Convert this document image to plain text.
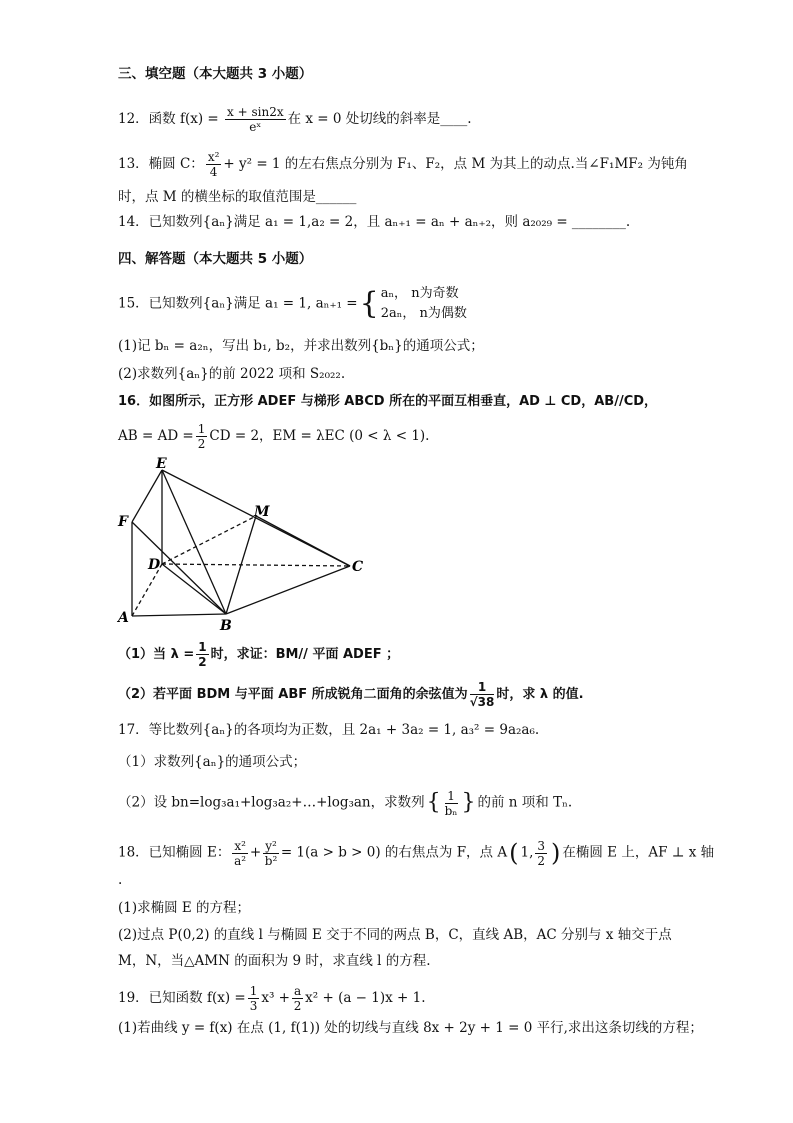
三、填空题（本大题共 3 小题）
12．函数 $f(x) = \frac{x + \sin 2x}{\text{eˣ}}$ 在 x = 0 处切线的斜率是____.
13．椭圆 C： $\frac{\text{x²}}{4} + y^2 = 1$ 的左右焦点分别为 F₁、F₂，点 M 为其上的动点.当∠F₁MF₂ 为钝角
时，点 M 的横坐标的取值范围是______
14．已知数列{aₙ}满足 a₁ = 1,a₂ = 2，且 aₙ₊₁ = aₙ + aₙ₊₂，则 a₂₀₂₉ = ________.
四、解答题（本大题共 5 小题）
15．已知数列{aₙ}满足 a₁ = 1, aₙ₊₁ ={ aₙ， n为奇数
2aₙ， n为偶数
(1)记 bₙ = a₂ₙ，写出 b₁, b₂，并求出数列{bₙ}的通项公式；
(2)求数列{aₙ}的前 2022 项和 S₂₀₂₂.
16．如图所示，正方形 ADEF 与梯形 ABCD 所在的平面互相垂直，AD ⊥ CD，AB//CD，
AB = AD = $\frac{1}{2}$ CD = 2，EM = λEC (0 < λ < 1).
E
F
M
D	C
A	B
（1）当 $\lambda = \frac{1}{2}$ 时，求证：BM// 平面 ADEF ；
（2）若平面 BDM 与平面 ABF 所成锐角二面角的余弦值为 $\frac{1}{√38}$ 时，求 λ 的值.
17．等比数列{aₙ}的各项均为正数，且 2a₁ + 3a₂ = 1, a₃² = 9a₂a₆.
（1）求数列{aₙ}的通项公式；
（2）设 bn=log₃a₁+log₃a₂+…+log₃an，求数列{ $\frac{1}{\text{bₙ}}$ } 的前 n 项和 Tₙ.
18．已知椭圆 E： $\frac{\text{x²}}{\text{a²}} + \frac{\text{y²}}{\text{b²}} = 1(a > b > 0)$ 的右焦点为 F，点 A( 1, $\frac{3}{2}$ ) 在椭圆 E 上，AF ⊥ x 轴
.
(1)求椭圆 E 的方程；
(2)过点 P(0,2) 的直线 l 与椭圆 E 交于不同的两点 B，C，直线 AB，AC 分别与 x 轴交于点
M，N，当△AMN 的面积为 9 时，求直线 l 的方程.
19．已知函数 $f(x) = \frac{1}{3} x^3 + \frac{a}{2} x^2 + (a - 1)x + 1$.
(1)若曲线 y = f(x) 在点 (1, f(1)) 处的切线与直线 8x + 2y + 1 = 0 平行,求出这条切线的方程；
